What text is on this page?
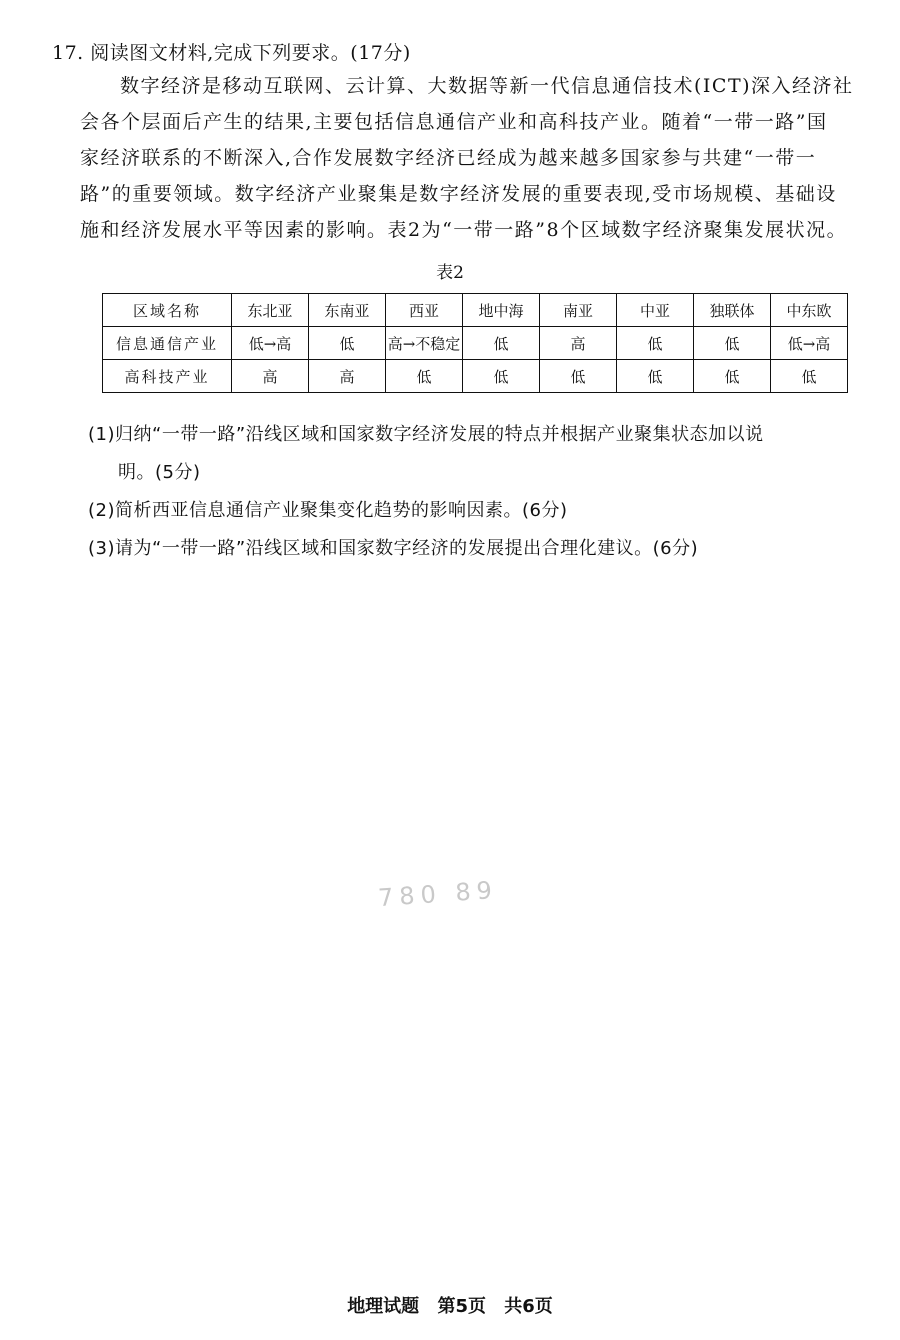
17. 阅读图文材料,完成下列要求。(17分)
数字经济是移动互联网、云计算、大数据等新一代信息通信技术(ICT)深入经济社
会各个层面后产生的结果,主要包括信息通信产业和高科技产业。随着“一带一路”国
家经济联系的不断深入,合作发展数字经济已经成为越来越多国家参与共建“一带一
路”的重要领域。数字经济产业聚集是数字经济发展的重要表现,受市场规模、基础设
施和经济发展水平等因素的影响。表2为“一带一路”8个区域数字经济聚集发展状况。
表2
区域名称	东北亚	东南亚	西亚	地中海	南亚	中亚	独联体	中东欧
信息通信产业	低→高	低	高→不稳定	低	高	低	低	低→高
高科技产业	高	高	低	低	低	低	低	低
(1)归纳“一带一路”沿线区域和国家数字经济发展的特点并根据产业聚集状态加以说
明。(5分)
(2)简析西亚信息通信产业聚集变化趋势的影响因素。(6分)
(3)请为“一带一路”沿线区域和国家数字经济的发展提出合理化建议。(6分)
780 89
地理试题 第5页 共6页
